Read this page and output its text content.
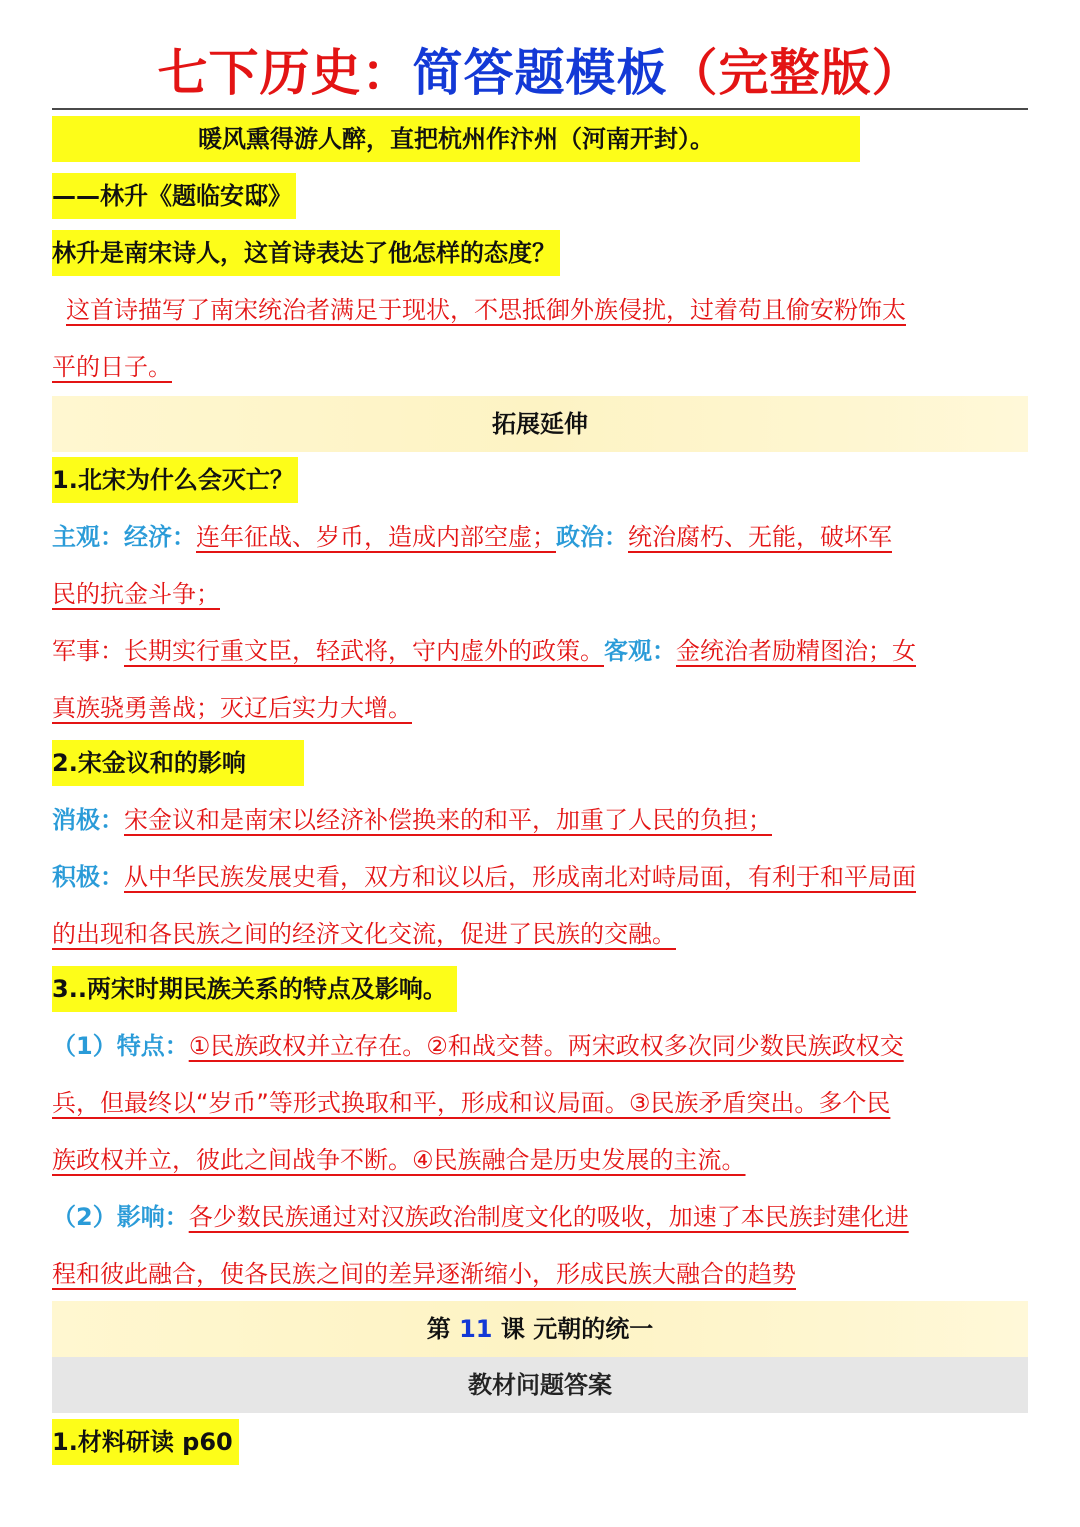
七下历史：简答题模板（完整版）
暖风熏得游人醉，直把杭州作汴州（河南开封）。
——林升《题临安邸》
林升是南宋诗人，这首诗表达了他怎样的态度？
这首诗描写了南宋统治者满足于现状，不思抵御外族侵扰，过着苟且偷安粉饰太
平的日子。
拓展延伸
1.北宋为什么会灭亡？
主观：经济：连年征战、岁币，造成内部空虚；政治：统治腐朽、无能，破坏军
民的抗金斗争；
军事：长期实行重文臣，轻武将，守内虚外的政策。客观：金统治者励精图治；女
真族骁勇善战；灭辽后实力大增。
2.宋金议和的影响
消极：宋金议和是南宋以经济补偿换来的和平，加重了人民的负担；
积极：从中华民族发展史看，双方和议以后，形成南北对峙局面，有利于和平局面
的出现和各民族之间的经济文化交流，促进了民族的交融。
3..两宋时期民族关系的特点及影响。
（1）特点：①民族政权并立存在。②和战交替。两宋政权多次同少数民族政权交
兵，但最终以“岁币”等形式换取和平，形成和议局面。③民族矛盾突出。多个民
族政权并立，彼此之间战争不断。④民族融合是历史发展的主流。
（2）影响：各少数民族通过对汉族政治制度文化的吸收，加速了本民族封建化进
程和彼此融合，使各民族之间的差异逐渐缩小，形成民族大融合的趋势
第 11 课 元朝的统一
教材问题答案
1.材料研读 p60
